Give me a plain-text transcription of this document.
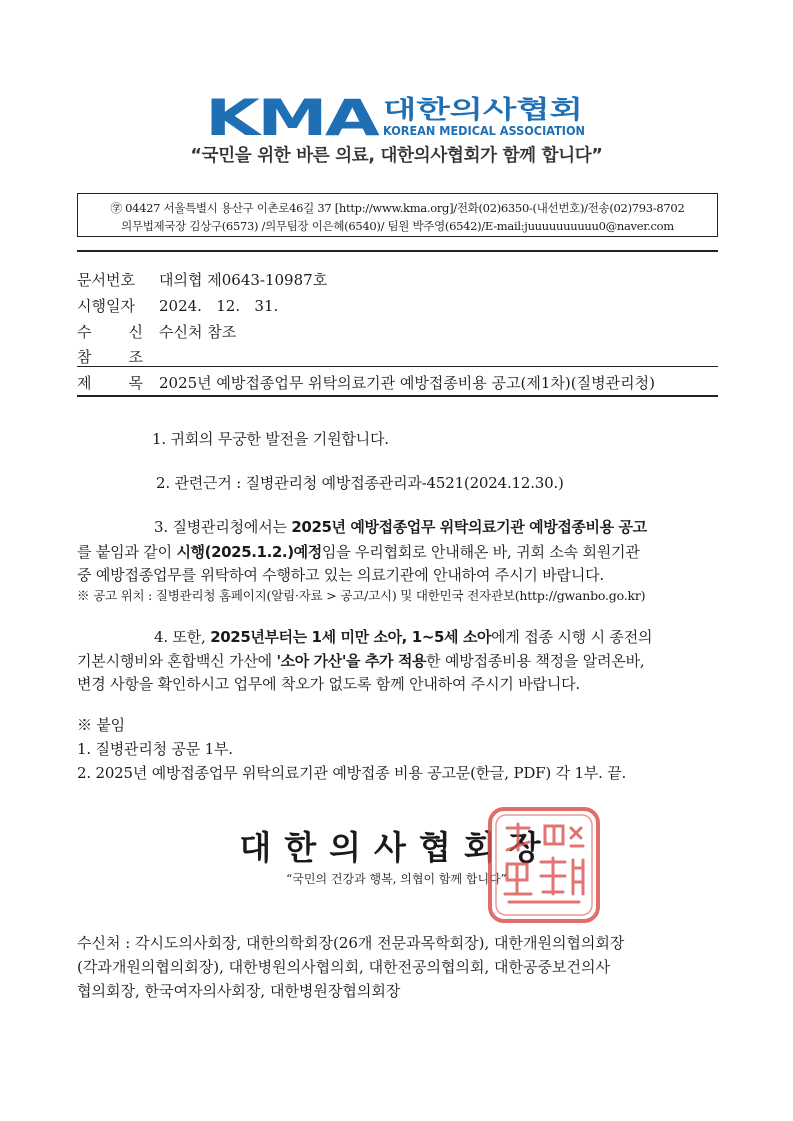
KMA 대한의사협회
KOREAN MEDICAL ASSOCIATION
“국민을 위한 바른 의료, 대한의사협회가 함께 합니다”
㊫ 04427 서울특별시 용산구 이촌로46길 37 [http://www.kma.org]/전화(02)6350-(내선번호)/전송(02)793-8702
의무법제국장 김상구(6573) /의무팀장 이은혜(6540)/ 팀원 박주영(6542)/E-mail:juuuuuuuuuu0@naver.com
문서번호 대의협 제0643-10987호
시행일자 2024.   12.   31.
수 신 수신처 참조
참 조
제 목 2025년 예방접종업무 위탁의료기관 예방접종비용 공고(제1차)(질병관리청)
1. 귀회의 무궁한 발전을 기원합니다.
2. 관련근거 : 질병관리청 예방접종관리과-4521(2024.12.30.)
3. 질병관리청에서는 2025년 예방접종업무 위탁의료기관 예방접종비용 공고
를 붙임과 같이 시행(2025.1.2.)예정임을 우리협회로 안내해온 바, 귀회 소속 회원기관
중 예방접종업무를 위탁하여 수행하고 있는 의료기관에 안내하여 주시기 바랍니다.
※ 공고 위치 : 질병관리청 홈페이지(알림·자료 > 공고/고시) 및 대한민국 전자관보(http://gwanbo.go.kr)
4. 또한, 2025년부터는 1세 미만 소아, 1~5세 소아에게 접종 시행 시 종전의
기본시행비와 혼합백신 가산에 '소아 가산'을 추가 적용한 예방접종비용 책정을 알려온바,
변경 사항을 확인하시고 업무에 착오가 없도록 함께 안내하여 주시기 바랍니다.
※ 붙임
1. 질병관리청 공문 1부.
2. 2025년 예방접종업무 위탁의료기관 예방접종 비용 공고문(한글, PDF) 각 1부. 끝.
대한의사협회장
“국민의 건강과 행복, 의협이 함께 합니다”
수신처 : 각시도의사회장, 대한의학회장(26개 전문과목학회장), 대한개원의협의회장
(각과개원의협의회장), 대한병원의사협의회, 대한전공의협의회, 대한공중보건의사
협의회장, 한국여자의사회장, 대한병원장협의회장
